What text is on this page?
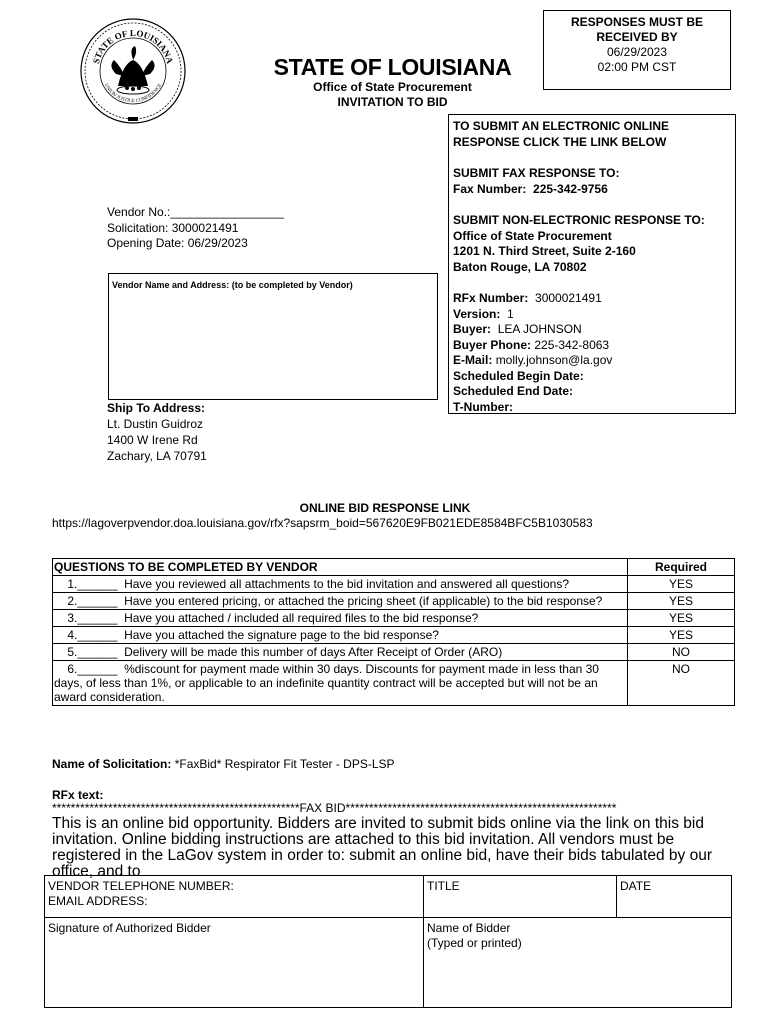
STATE OF LOUISIANA
UNION JUSTICE CONFIDENCE
RESPONSES MUST BE
RECEIVED BY
06/29/2023
02:00 PM CST
STATE OF LOUISIANA
Office of State Procurement
INVITATION TO BID
TO SUBMIT AN ELECTRONIC ONLINE
RESPONSE CLICK THE LINK BELOW
SUBMIT FAX RESPONSE TO:
Fax Number: 225-342-9756
SUBMIT NON-ELECTRONIC RESPONSE TO:
Office of State Procurement
1201 N. Third Street, Suite 2-160
Baton Rouge, LA 70802
RFx Number: 3000021491
Version: 1
Buyer: LEA JOHNSON
Buyer Phone: 225-342-8063
E-Mail: molly.johnson@la.gov
Scheduled Begin Date:
Scheduled End Date:
T-Number:
Vendor No.:_________________
Solicitation: 3000021491
Opening Date: 06/29/2023
Vendor Name and Address: (to be completed by Vendor)
Ship To Address:
Lt. Dustin Guidroz
1400 W Irene Rd
Zachary, LA 70791
ONLINE BID RESPONSE LINK
https://lagoverpvendor.doa.louisiana.gov/rfx?sapsrm_boid=567620E9FB021EDE8584BFC5B1030583
QUESTIONS TO BE COMPLETED BY VENDOR	Required
1.______  Have you reviewed all attachments to the bid invitation and answered all questions?	YES
2.______  Have you entered pricing, or attached the pricing sheet (if applicable) to the bid response?	YES
3.______  Have you attached / included all required files to the bid response?	YES
4.______  Have you attached the signature page to the bid response?	YES
5.______  Delivery will be made this number of days After Receipt of Order (ARO)	NO
6.______  %discount for payment made within 30 days. Discounts for payment made in less than 30 days, of less than 1%, or applicable to an indefinite quantity contract will be accepted but will not be an award consideration.	NO
Name of Solicitation: *FaxBid* Respirator Fit Tester - DPS-LSP
RFx text:
*****************************************************FAX BID**********************************************************
This is an online bid opportunity. Bidders are invited to submit bids online via the link on this bid invitation. Online bidding instructions are attached to this bid invitation. All vendors must be registered in the LaGov system in order to: submit an online bid, have their bids tabulated by our office, and to
VENDOR TELEPHONE NUMBER:
EMAIL ADDRESS:	TITLE	DATE

Signature of Authorized Bidder	Name of Bidder
(Typed or printed)	
